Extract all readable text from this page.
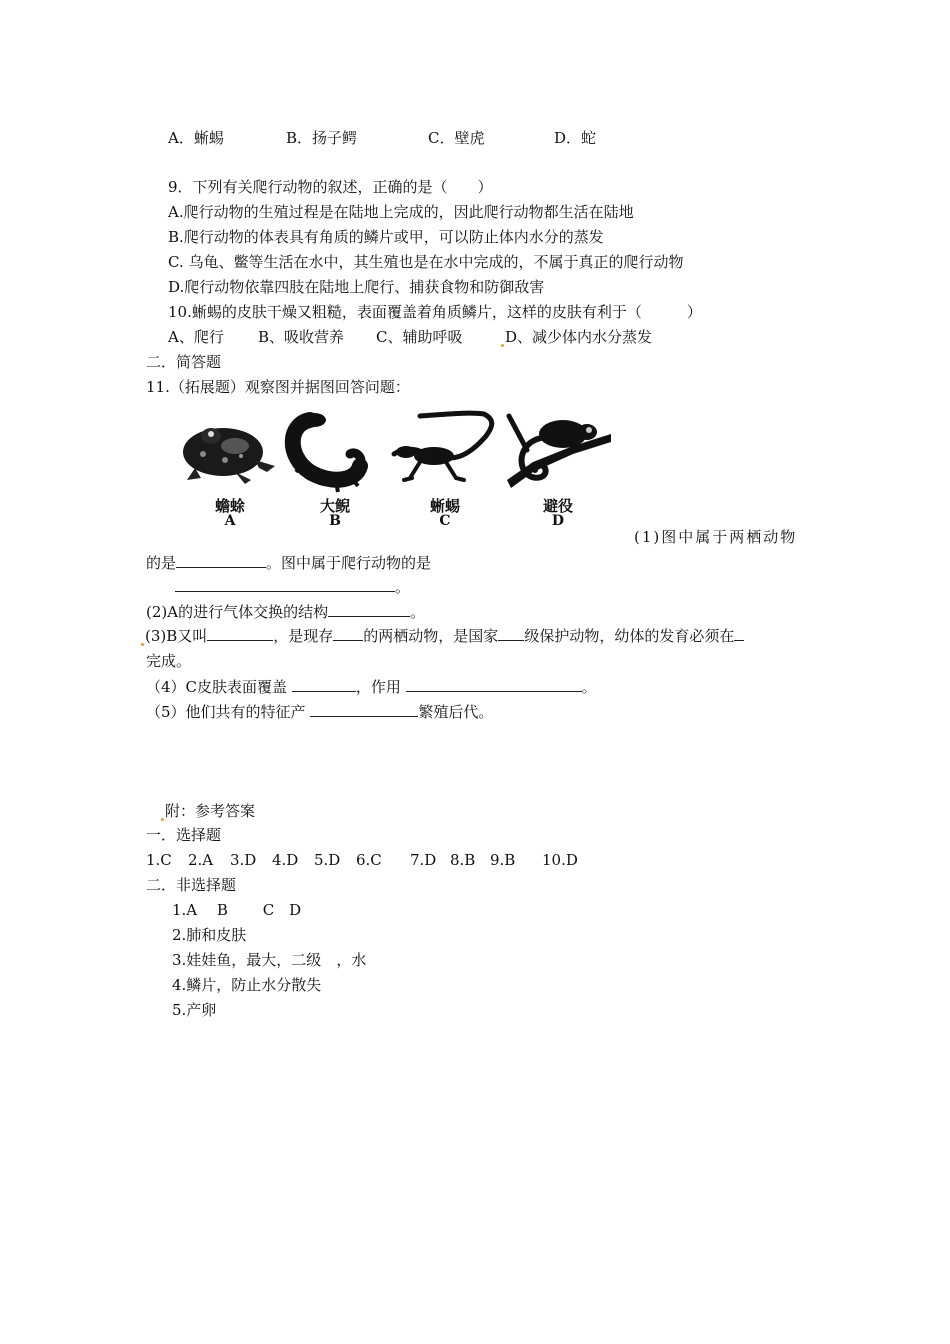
A．蜥蜴	B．扬子鳄	C．壁虎	D．蛇
9．下列有关爬行动物的叙述，正确的是（　　）
A.爬行动物的生殖过程是在陆地上完成的，因此爬行动物都生活在陆地
B.爬行动物的体表具有角质的鳞片或甲，可以防止体内水分的蒸发
C. 乌龟、鳖等生活在水中，其生殖也是在水中完成的，不属于真正的爬行动物
D.爬行动物依靠四肢在陆地上爬行、捕获食物和防御敌害
10.蜥蜴的皮肤干燥又粗糙，表面覆盖着角质鳞片，这样的皮肤有利于（　　　）
A、爬行 B、吸收营养 C、辅助呼吸	D、减少体内水分蒸发
二．简答题
11.（拓展题）观察图并据图回答问题：
蟾蜍
A
大鲵
B
蜥蜴
C
避役
D
(1)图中属于两栖动物
的是	。图中属于爬行动物的是
。
(2)A的进行气体交换的结构	。
(3)B又叫	，是现存 的两栖动物，是国家 级保护动物，幼体的发育必须在
完成。
（4）C皮肤表面覆盖	，作用	。
（5）他们共有的特征产	繁殖后代。
附：参考答案
一．选择题
1.C 2.A 3.D 4.D 5.D 6.C 7.D 8.B 9.B 10.D
二．非选择题
1.A　 B　　 C　D
2.肺和皮肤
3.娃娃鱼，最大，二级　，水
4.鳞片，防止水分散失
5.产卵
